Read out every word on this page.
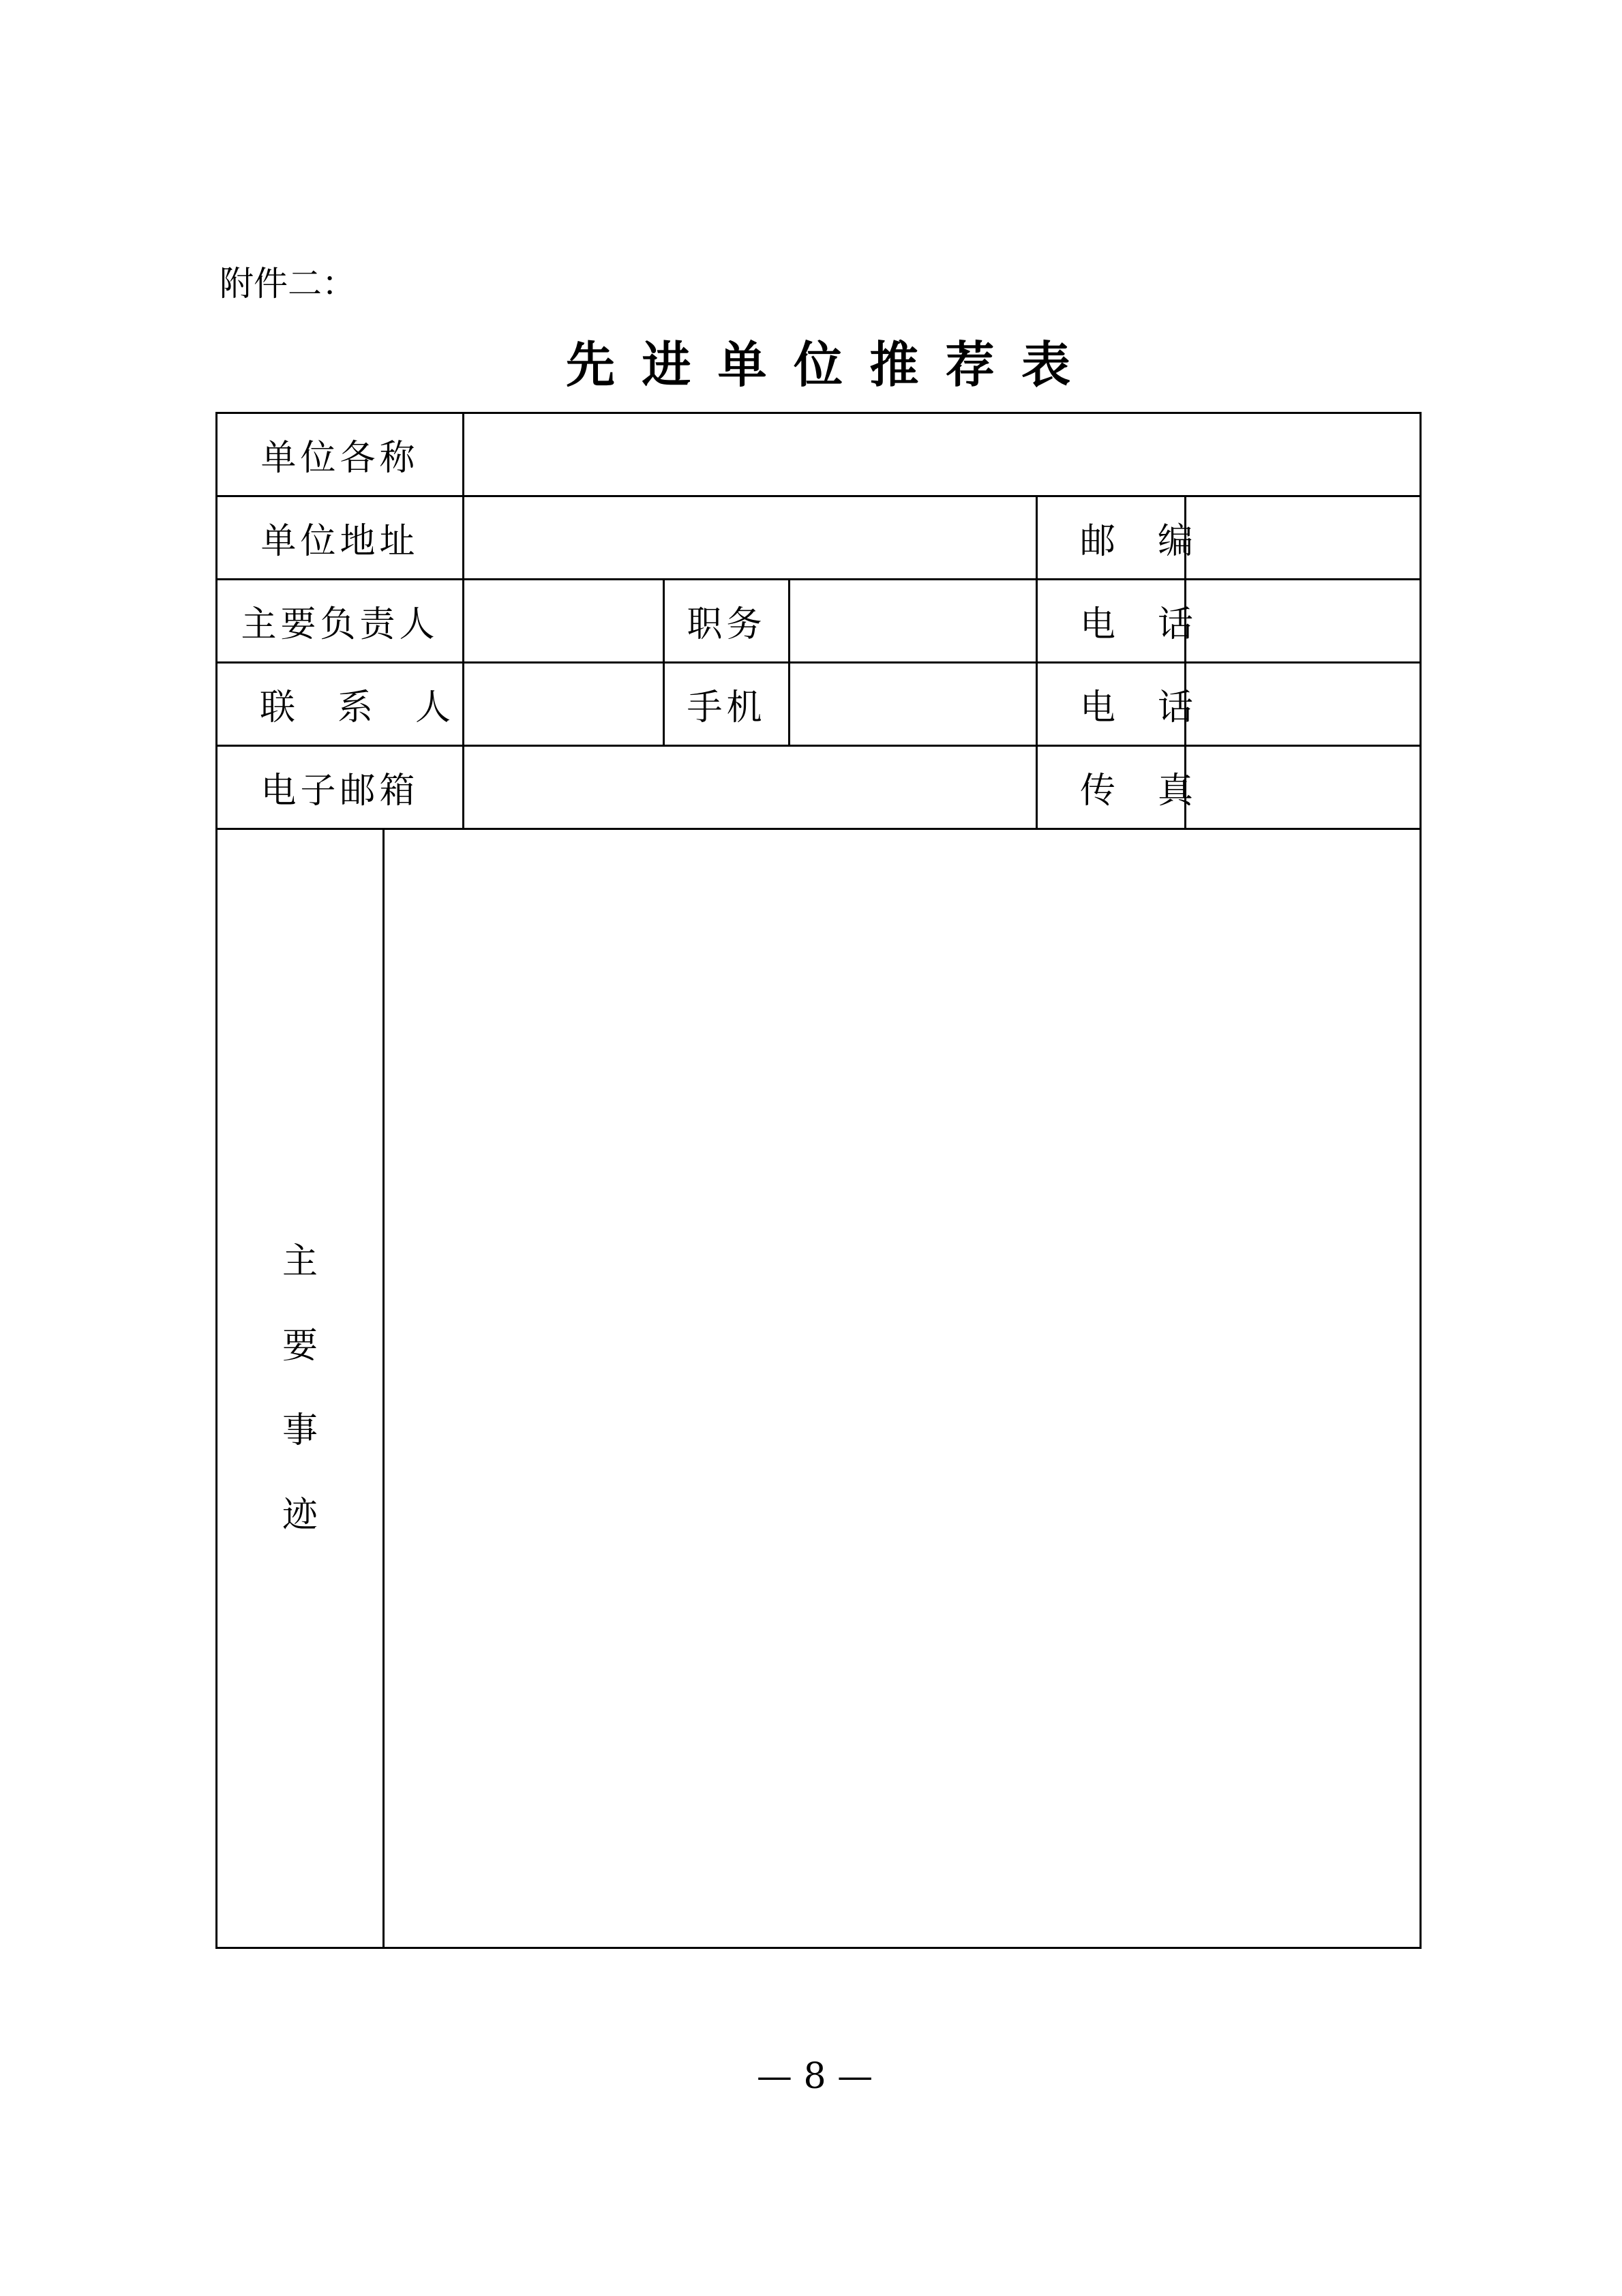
附件二：
先 进 单 位 推 荐 表
单位各称						
单位地址					邮编	
主要负责人			职务		电话	
联系人			手机		电话	
电子邮箱					传真	

主
要
事
迹						

— 8 —
